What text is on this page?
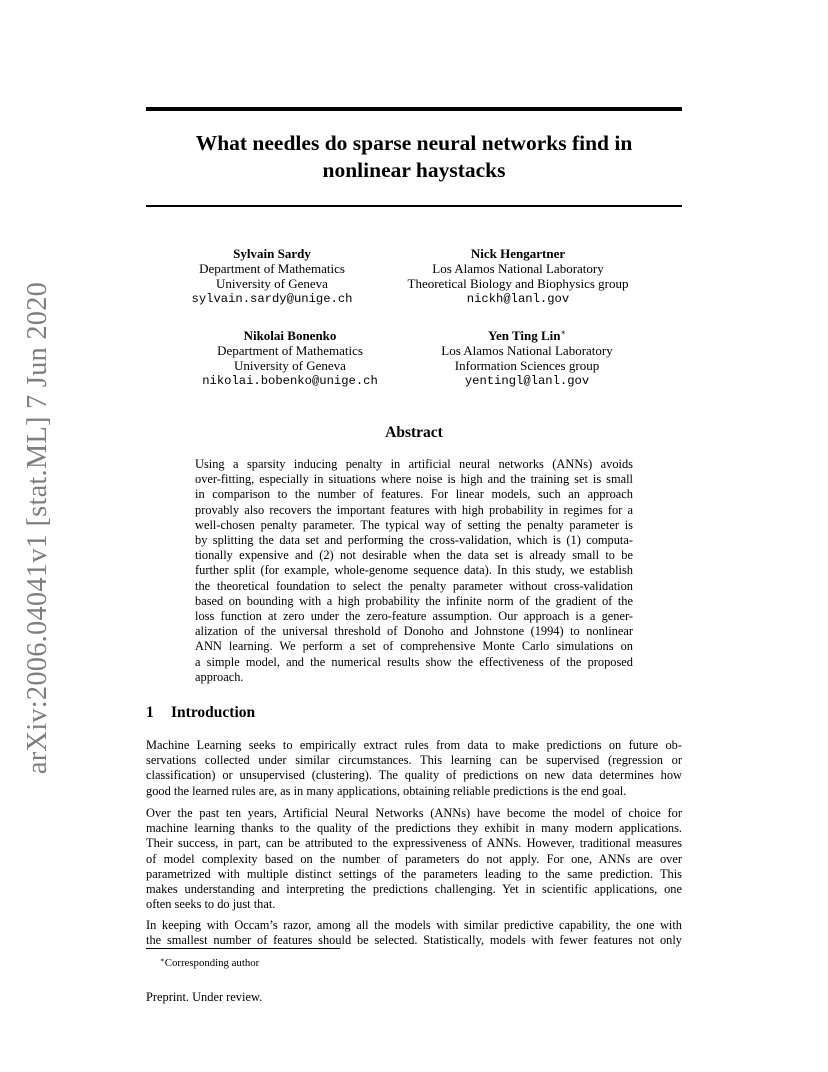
What needles do sparse neural networks find in
nonlinear haystacks
arXiv:2006.04041v1 [stat.ML] 7 Jun 2020
Sylvain Sardy
Department of Mathematics
University of Geneva
sylvain.sardy@unige.ch
Nick Hengartner
Los Alamos National Laboratory
Theoretical Biology and Biophysics group
nickh@lanl.gov
Nikolai Bonenko
Department of Mathematics
University of Geneva
nikolai.bobenko@unige.ch
Yen Ting Lin∗
Los Alamos National Laboratory
Information Sciences group
yentingl@lanl.gov
Abstract
Using a sparsity inducing penalty in artificial neural networks (ANNs) avoids
over-fitting, especially in situations where noise is high and the training set is small
in comparison to the number of features. For linear models, such an approach
provably also recovers the important features with high probability in regimes for a
well-chosen penalty parameter. The typical way of setting the penalty parameter is
by splitting the data set and performing the cross-validation, which is (1) computa-
tionally expensive and (2) not desirable when the data set is already small to be
further split (for example, whole-genome sequence data). In this study, we establish
the theoretical foundation to select the penalty parameter without cross-validation
based on bounding with a high probability the infinite norm of the gradient of the
loss function at zero under the zero-feature assumption. Our approach is a gener-
alization of the universal threshold of Donoho and Johnstone (1994) to nonlinear
ANN learning. We perform a set of comprehensive Monte Carlo simulations on
a simple model, and the numerical results show the effectiveness of the proposed
approach.
1 Introduction
Machine Learning seeks to empirically extract rules from data to make predictions on future ob-
servations collected under similar circumstances. This learning can be supervised (regression or
classification) or unsupervised (clustering). The quality of predictions on new data determines how
good the learned rules are, as in many applications, obtaining reliable predictions is the end goal.
Over the past ten years, Artificial Neural Networks (ANNs) have become the model of choice for
machine learning thanks to the quality of the predictions they exhibit in many modern applications.
Their success, in part, can be attributed to the expressiveness of ANNs. However, traditional measures
of model complexity based on the number of parameters do not apply. For one, ANNs are over
parametrized with multiple distinct settings of the parameters leading to the same prediction. This
makes understanding and interpreting the predictions challenging. Yet in scientific applications, one
often seeks to do just that.
In keeping with Occam’s razor, among all the models with similar predictive capability, the one with
the smallest number of features should be selected. Statistically, models with fewer features not only
∗Corresponding author
Preprint. Under review.
